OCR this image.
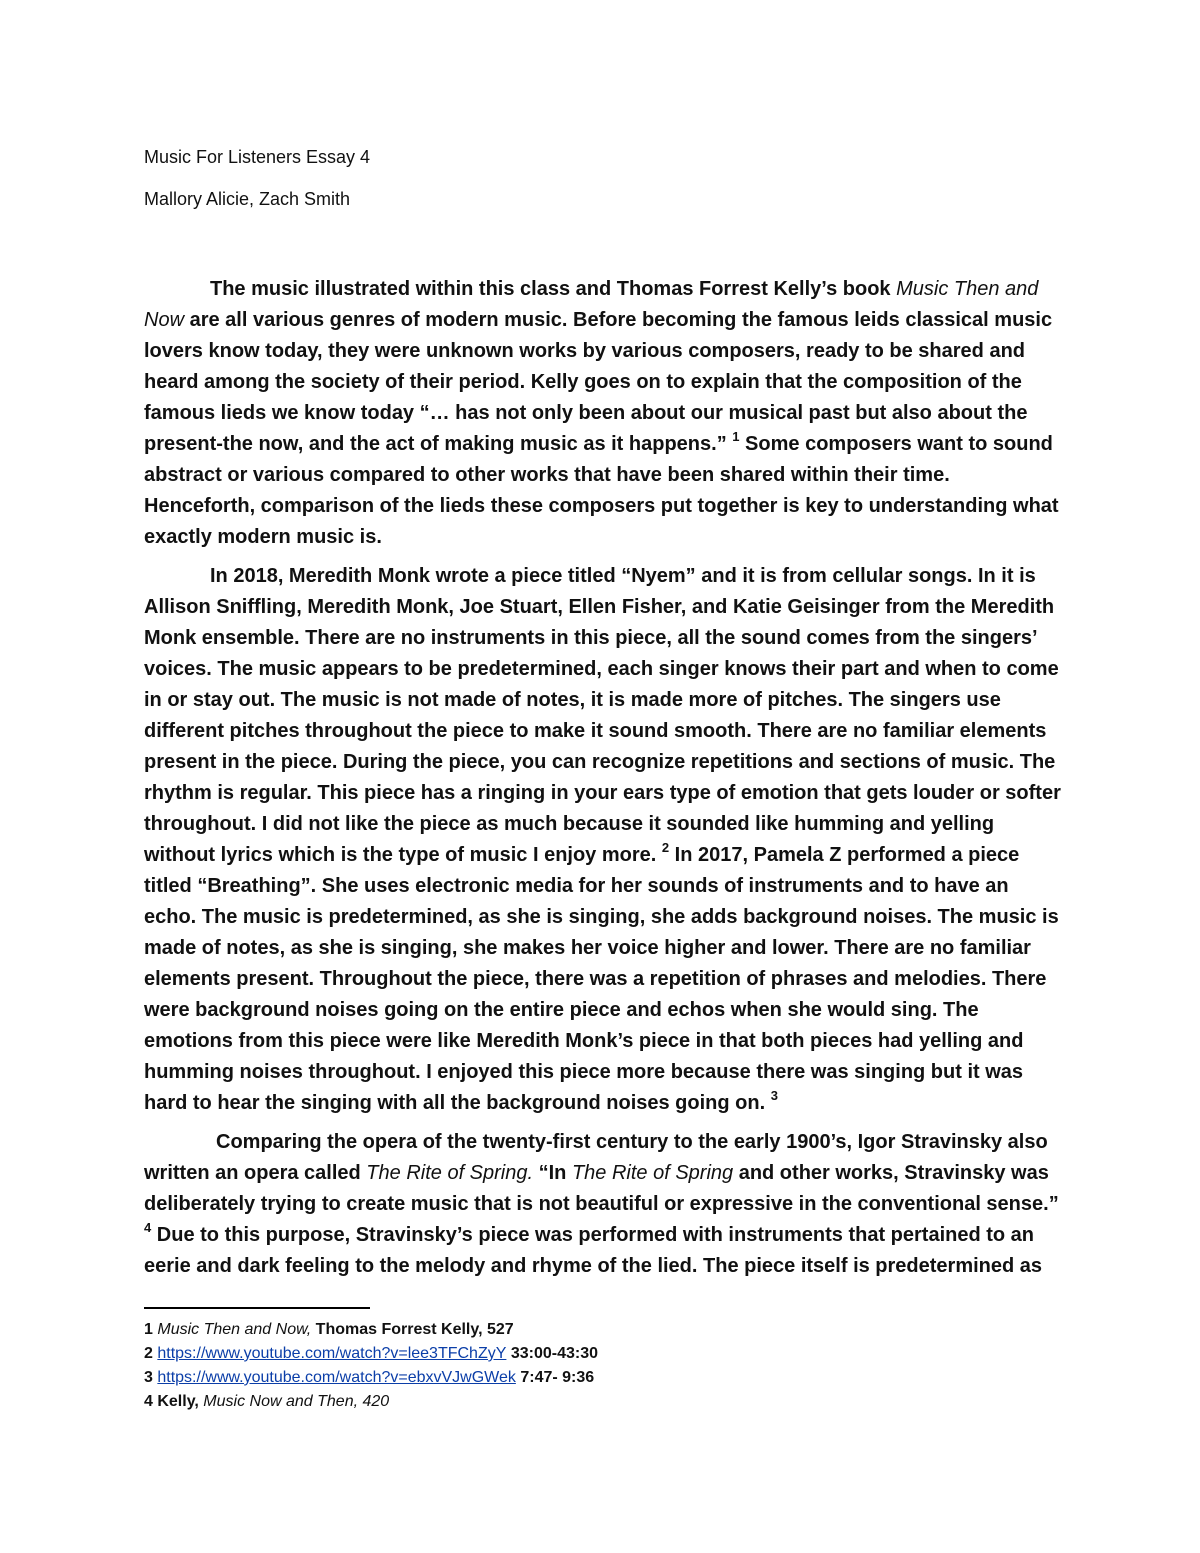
Music For Listeners Essay 4
Mallory Alicie, Zach Smith

The music illustrated within this class and Thomas Forrest Kelly’s book Music Then and Now are all various genres of modern music. Before becoming the famous leids classical music lovers know today, they were unknown works by various composers, ready to be shared and heard among the society of their period. Kelly goes on to explain that the composition of the famous lieds we know today “… has not only been about our musical past but also about the present-the now, and the act of making music as it happens.” $^1$ Some composers want to sound abstract or various compared to other works that have been shared within their time. Henceforth, comparison of the lieds these composers put together is key to understanding what exactly modern music is.

In 2018, Meredith Monk wrote a piece titled “Nyem” and it is from cellular songs. In it is Allison Sniffling, Meredith Monk, Joe Stuart, Ellen Fisher, and Katie Geisinger from the Meredith Monk ensemble. There are no instruments in this piece, all the sound comes from the singers’ voices. The music appears to be predetermined, each singer knows their part and when to come in or stay out. The music is not made of notes, it is made more of pitches. The singers use different pitches throughout the piece to make it sound smooth. There are no familiar elements present in the piece. During the piece, you can recognize repetitions and sections of music. The rhythm is regular. This piece has a ringing in your ears type of emotion that gets louder or softer throughout. I did not like the piece as much because it sounded like humming and yelling without lyrics which is the type of music I enjoy more. $^2$ In 2017, Pamela Z performed a piece titled “Breathing”. She uses electronic media for her sounds of instruments and to have an echo. The music is predetermined, as she is singing, she adds background noises. The music is made of notes, as she is singing, she makes her voice higher and lower. There are no familiar elements present. Throughout the piece, there was a repetition of phrases and melodies. There were background noises going on the entire piece and echos when she would sing. The emotions from this piece were like Meredith Monk’s piece in that both pieces had yelling and humming noises throughout. I enjoyed this piece more because there was singing but it was hard to hear the singing with all the background noises going on. $^3$

Comparing the opera of the twenty-first century to the early 1900’s, Igor Stravinsky also written an opera called The Rite of Spring. “In The Rite of Spring and other works, Stravinsky was deliberately trying to create music that is not beautiful or expressive in the conventional sense.” $^4$ Due to this purpose, Stravinsky’s piece was performed with instruments that pertained to an eerie and dark feeling to the melody and rhyme of the lied. The piece itself is predetermined as

1 Music Then and Now, Thomas Forrest Kelly, 527
2 https://www.youtube.com/watch?v=lee3TFChZyY 33:00-43:30
3 https://www.youtube.com/watch?v=ebxvVJwGWek 7:47- 9:36
4 Kelly, Music Now and Then, 420
